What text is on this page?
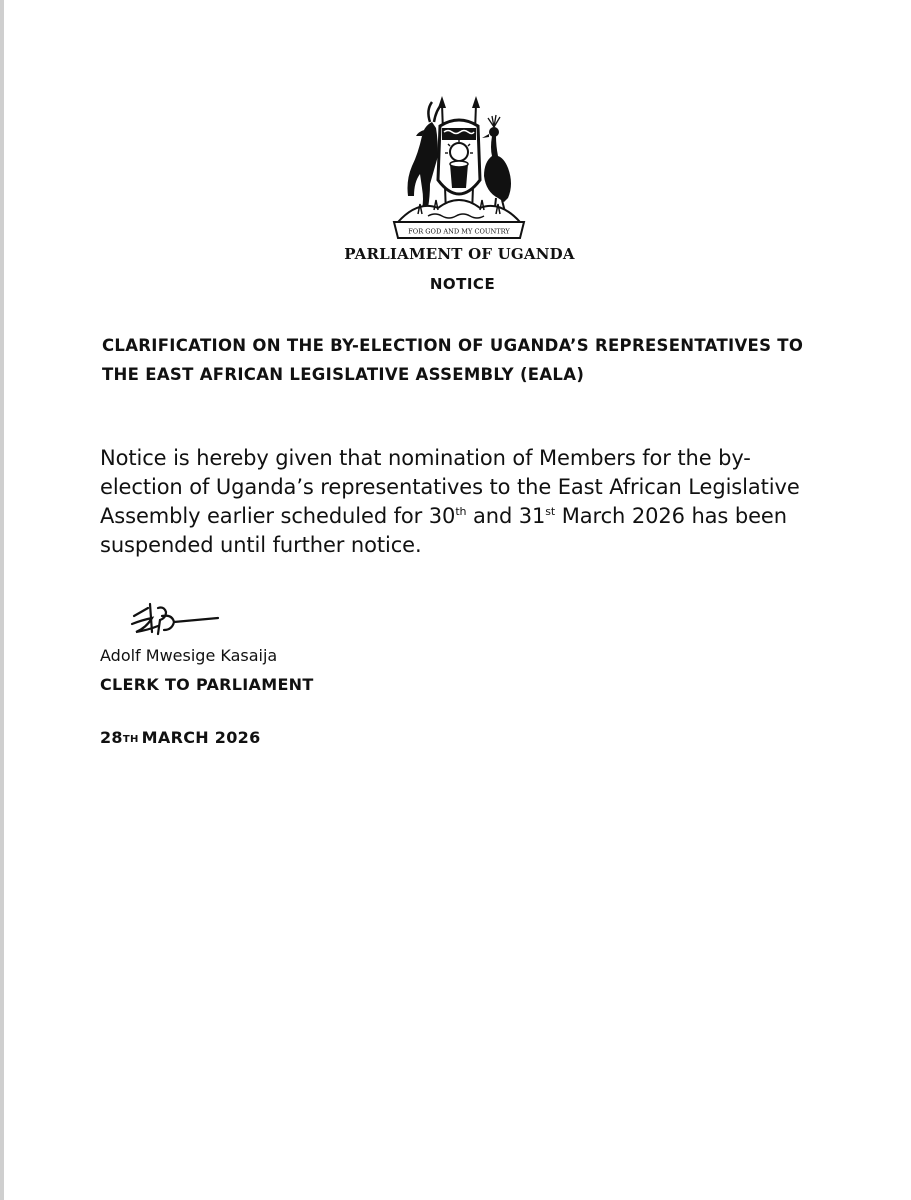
FOR GOD AND MY COUNTRY
PARLIAMENT OF UGANDA
NOTICE
CLARIFICATION ON THE BY-ELECTION OF UGANDA’S REPRESENTATIVES TO THE EAST AFRICAN LEGISLATIVE ASSEMBLY (EALA)
Notice is hereby given that nomination of Members for the by-election of Uganda’s representatives to the East African Legislative Assembly earlier scheduled for 30th and 31st March 2026 has been suspended until further notice.
Adolf Mwesige Kasaija
CLERK TO PARLIAMENT
28TH MARCH 2026
